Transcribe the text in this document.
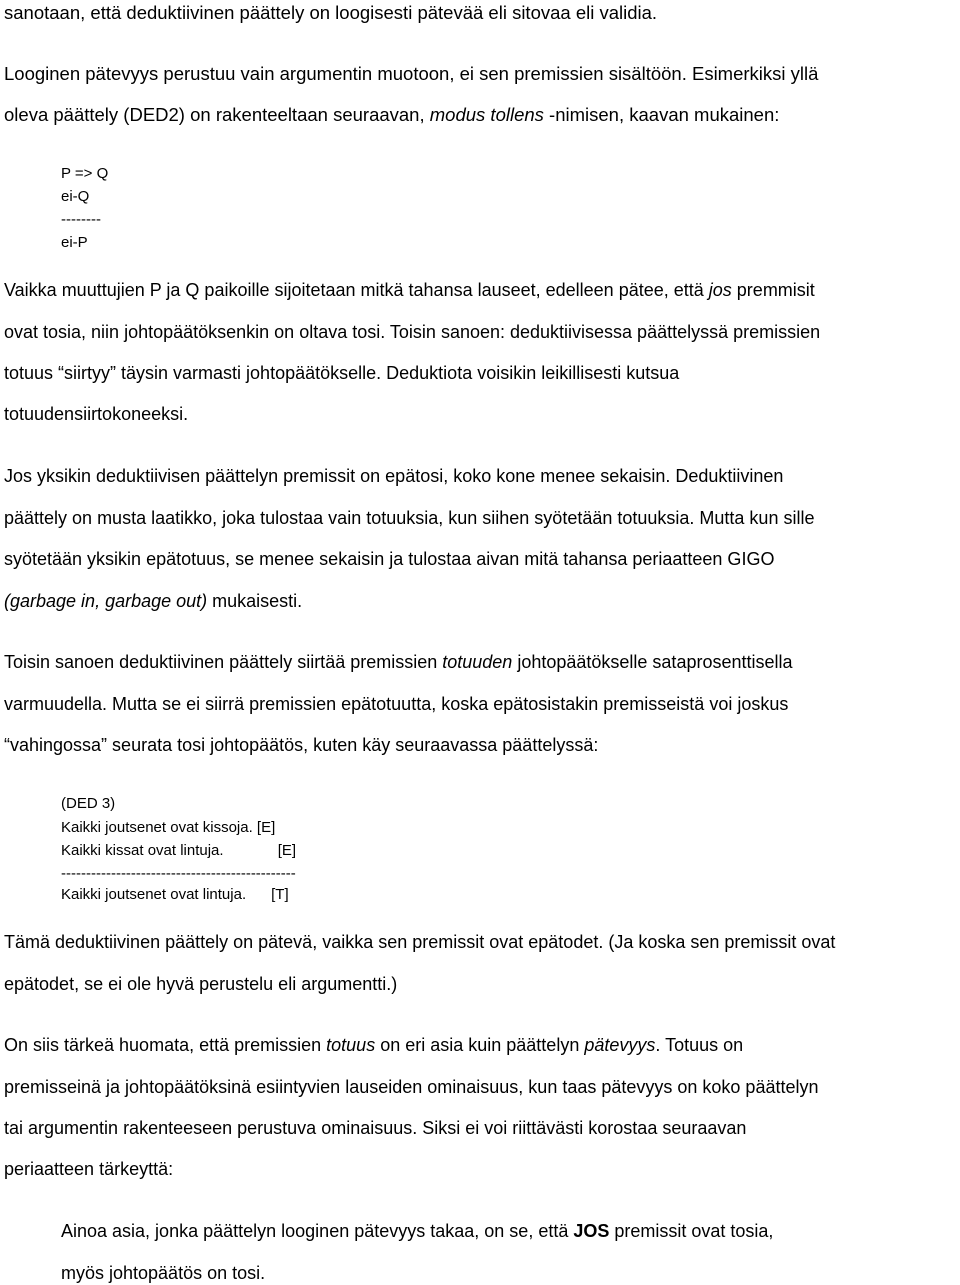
sanotaan, että deduktiivinen päättely on loogisesti pätevää eli sitovaa eli validia.

Looginen pätevyys perustuu vain argumentin muotoon, ei sen premissien sisältöön. Esimerkiksi yllä

oleva päättely (DED2) on rakenteeltaan seuraavan, modus tollens -nimisen, kaavan mukainen:

P => Q

ei-Q

--------

ei-P

Vaikka muuttujien P ja Q paikoille sijoitetaan mitkä tahansa lauseet, edelleen pätee, että jos premmisit

ovat tosia, niin johtopäätöksenkin on oltava tosi. Toisin sanoen: deduktiivisessa päättelyssä premissien

totuus “siirtyy” täysin varmasti johtopäätökselle. Deduktiota voisikin leikillisesti kutsua

totuudensiirtokoneeksi.

Jos yksikin deduktiivisen päättelyn premissit on epätosi, koko kone menee sekaisin. Deduktiivinen

päättely on musta laatikko, joka tulostaa vain totuuksia, kun siihen syötetään totuuksia. Mutta kun sille

syötetään yksikin epätotuus, se menee sekaisin ja tulostaa aivan mitä tahansa periaatteen GIGO

(garbage in, garbage out) mukaisesti.

Toisin sanoen deduktiivinen päättely siirtää premissien totuuden johtopäätökselle sataprosenttisella

varmuudella. Mutta se ei siirrä premissien epätotuutta, koska epätosistakin premisseistä voi joskus

“vahingossa” seurata tosi johtopäätös, kuten käy seuraavassa päättelyssä:

(DED 3)

Kaikki joutsenet ovat kissoja. [E]

Kaikki kissat ovat lintuja.             [E]

-----------------------------------------------

Kaikki joutsenet ovat lintuja.      [T]

Tämä deduktiivinen päättely on pätevä, vaikka sen premissit ovat epätodet. (Ja koska sen premissit ovat

epätodet, se ei ole hyvä perustelu eli argumentti.)

On siis tärkeä huomata, että premissien totuus on eri asia kuin päättelyn pätevyys. Totuus on

premisseinä ja johtopäätöksinä esiintyvien lauseiden ominaisuus, kun taas pätevyys on koko päättelyn

tai argumentin rakenteeseen perustuva ominaisuus. Siksi ei voi riittävästi korostaa seuraavan

periaatteen tärkeyttä:

Ainoa asia, jonka päättelyn looginen pätevyys takaa, on se, että JOS premissit ovat tosia,

myös johtopäätös on tosi.
